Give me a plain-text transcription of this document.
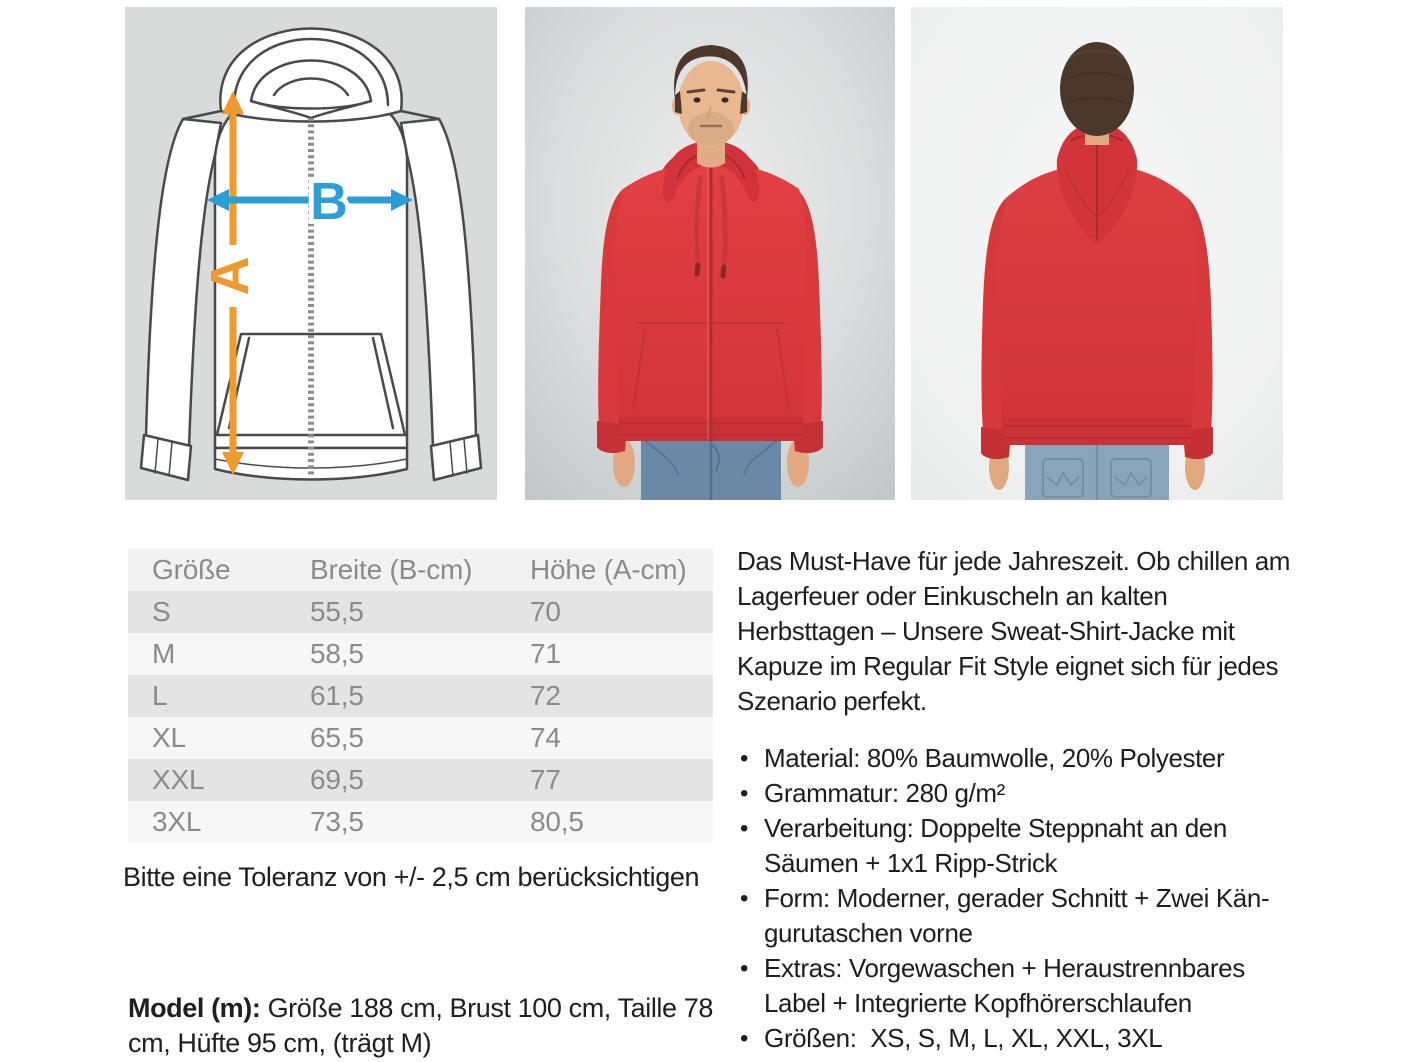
A
B
Größe	Breite (B-cm)	Höhe (A-cm)
S	55,5	70
M	58,5	71
L	61,5	72
XL	65,5	74
XXL	69,5	77
3XL	73,5	80,5
Bitte eine Toleranz von +/- 2,5 cm berücksichtigen
Model (m): Größe 188 cm, Brust 100 cm, Taille 78 cm, Hüfte 95 cm, (trägt M)

Das Must-Have für jede Jahreszeit. Ob chillen am Lagerfeuer oder Einkuscheln an kalten Herbsttagen – Unsere Sweat-Shirt-Jacke mit Kapuze im Regular Fit Style eignet sich für jedes Szenario perfekt.

• Material: 80% Baumwolle, 20% Polyester
• Grammatur: 280 g/m²
• Verarbeitung: Doppelte Steppnaht an den Säumen + 1x1 Ripp-Strick
• Form: Moderner, gerader Schnitt + Zwei Kängurutaschen vorne
• Extras: Vorgewaschen + Heraustrennbares Label + Integrierte Kopfhörerschlaufen
• Größen:  XS, S, M, L, XL, XXL, 3XL
